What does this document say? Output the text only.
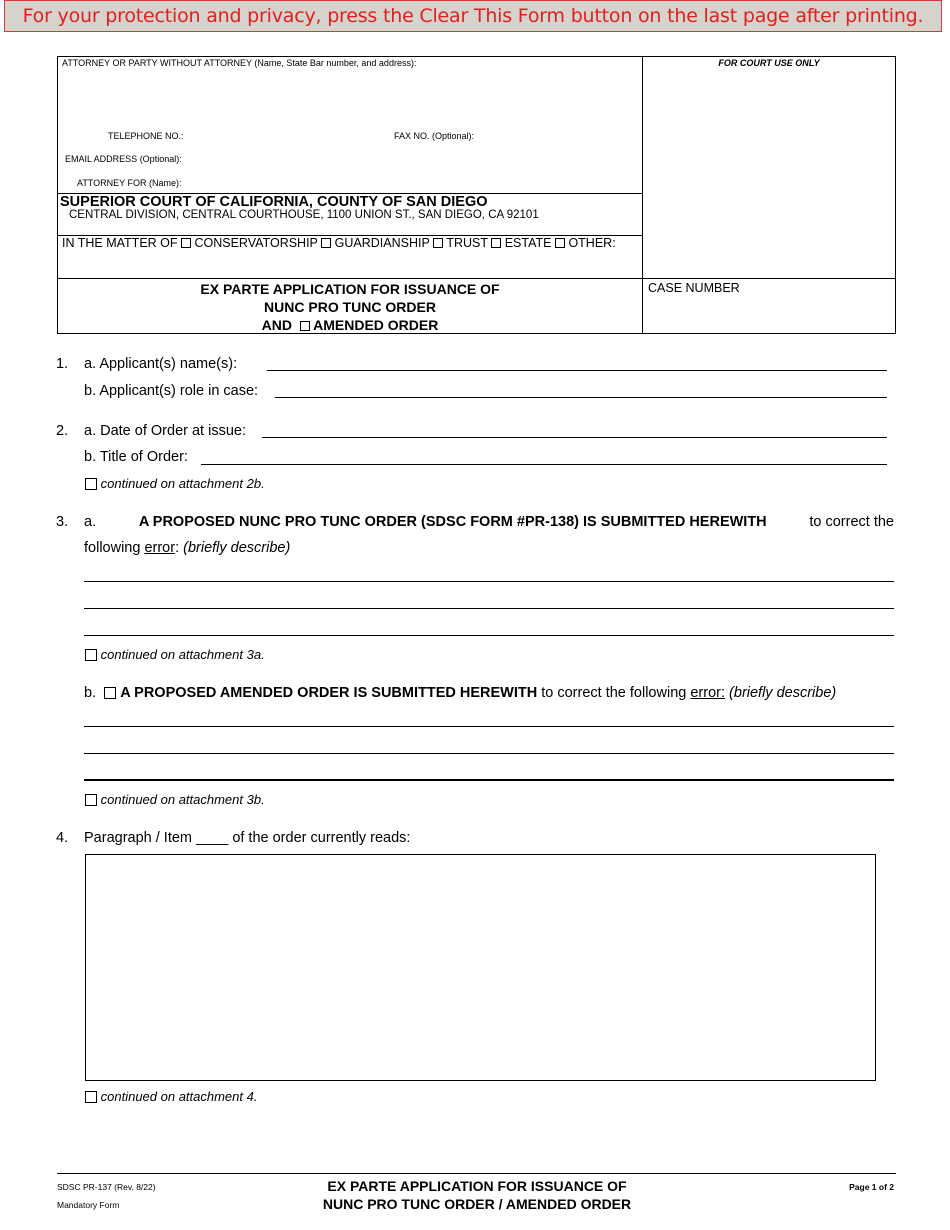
For your protection and privacy, press the Clear This Form button on the last page after printing.
ATTORNEY OR PARTY WITHOUT ATTORNEY (Name, State Bar number, and address):	FOR COURT USE ONLY
TELEPHONE NO.:	FAX NO. (Optional):
EMAIL ADDRESS (Optional):
ATTORNEY FOR (Name):
SUPERIOR COURT OF CALIFORNIA, COUNTY OF SAN DIEGO
CENTRAL DIVISION, CENTRAL COURTHOUSE, 1100 UNION ST., SAN DIEGO, CA 92101
IN THE MATTER OF CONSERVATORSHIP GUARDIANSHIP TRUST ESTATE OTHER:
EX PARTE APPLICATION FOR ISSUANCE OF
NUNC PRO TUNC ORDER
AND AMENDED ORDER
CASE NUMBER
1. a. Applicant(s) name(s):
b. Applicant(s) role in case:
2. a. Date of Order at issue:
b. Title of Order:
continued on attachment 2b.
3. a.	A PROPOSED NUNC PRO TUNC ORDER (SDSC FORM #PR-138) IS SUBMITTED HEREWITH	to correct the
following error: (briefly describe)
continued on attachment 3a.
b. A PROPOSED AMENDED ORDER IS SUBMITTED HEREWITH to correct the following error: (briefly describe)
continued on attachment 3b.
4. Paragraph / Item ____ of the order currently reads:
continued on attachment 4.
SDSC PR-137 (Rev. 8/22)
Mandatory Form
EX PARTE APPLICATION FOR ISSUANCE OF
NUNC PRO TUNC ORDER / AMENDED ORDER
Page 1 of 2
